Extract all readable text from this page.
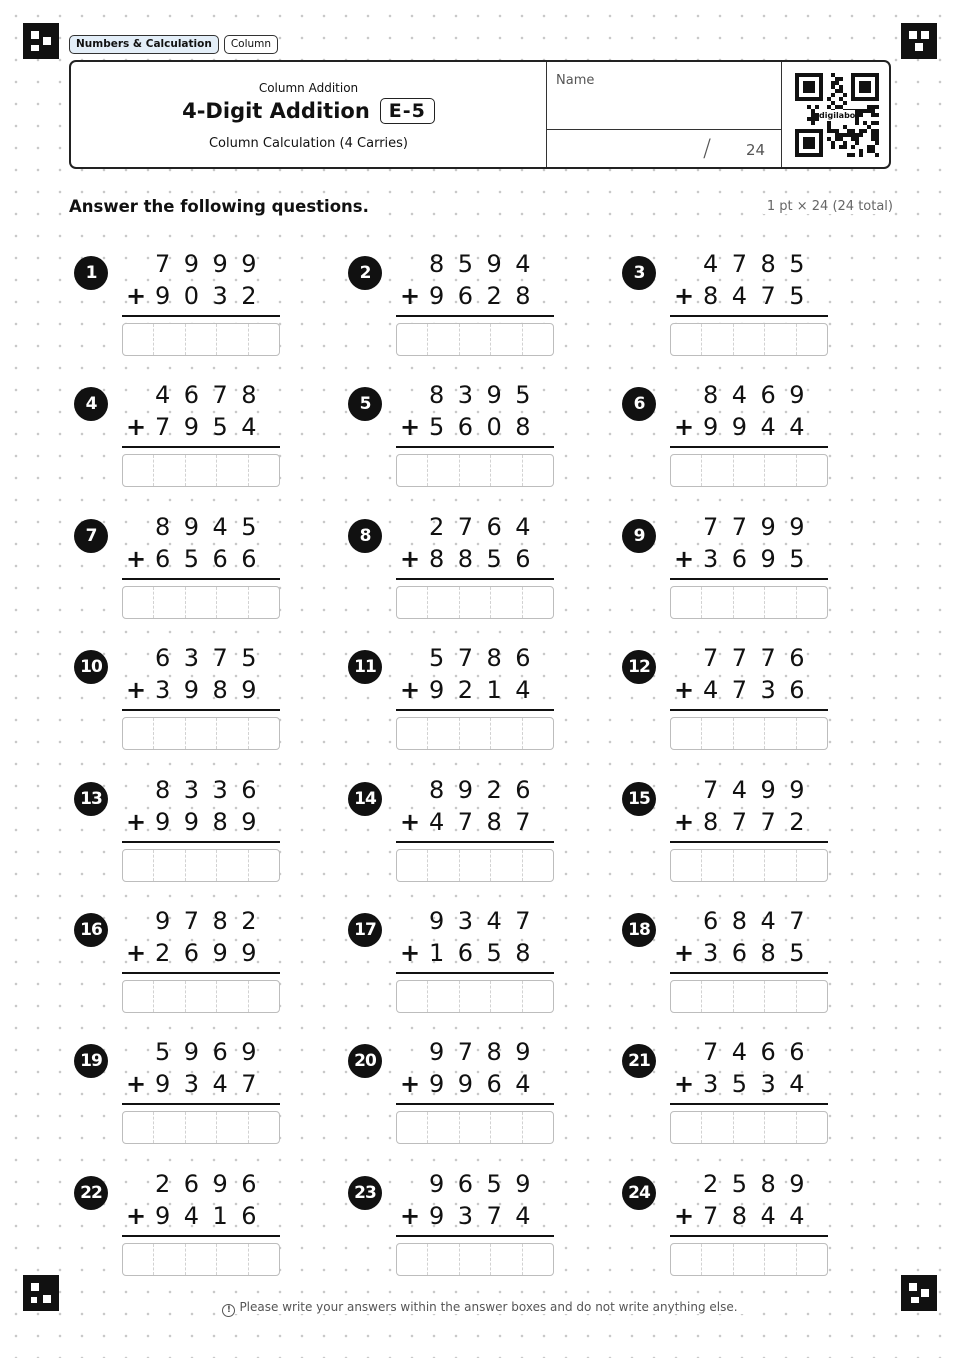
Numbers & Calculation	Column
Column Addition
4-Digit Addition	E-5
Column Calculation (4 Carries)
Name
/ 24
digilabo
Answer the following questions.	1 pt × 24 (24 total)
1	7999
+ 9032
2	8594
+ 9628
3	4785
+ 8475
4	4678
+ 7954
5	8395
+ 5608
6	8469
+ 9944
7	8945
+ 6566
8	2764
+ 8856
9	7799
+ 3695
10 6375
+ 3989
11 5786
+ 9214
12 7776
+ 4736
13 8336
+ 9989
14 8926
+ 4787
15 7499
+ 8772
16 9782
+ 2699
17 9347
+ 1658
18 6847
+ 3685
19 5969
+ 9347
20 9789
+ 9964
21 7466
+ 3534
22 2696
+ 9416
23 9659
+ 9374
24 2589
+ 7844
! Please write your answers within the answer boxes and do not write anything else.
